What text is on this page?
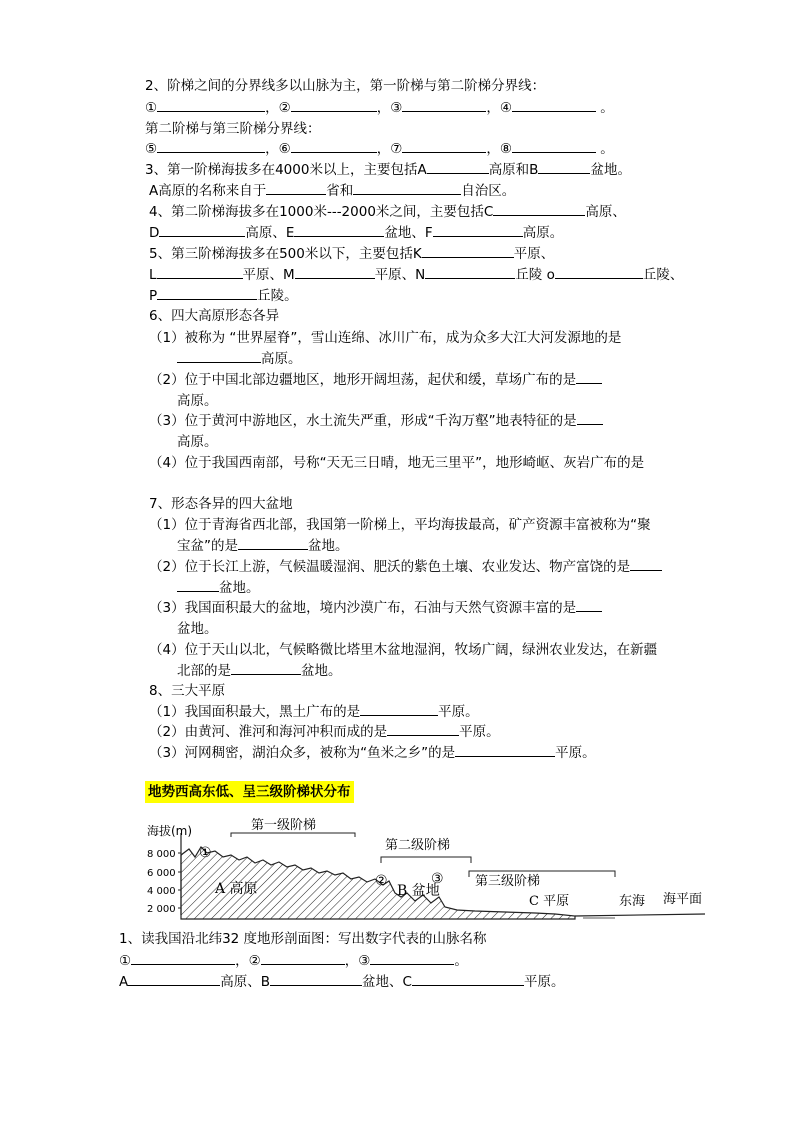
2、阶梯之间的分界线多以山脉为主，第一阶梯与第二阶梯分界线：
①	，②	，③	，④	。
第二阶梯与第三阶梯分界线：
⑤	，⑥	，⑦	，⑧	。
3、第一阶梯海拔多在4000米以上，主要包括A	高原和B	盆地。
A高原的名称来自于	省和	自治区。
4、第二阶梯海拔多在1000米---2000米之间，主要包括C	高原、
D	高原、E	盆地、F	高原。
5、第三阶梯海拔多在500米以下，主要包括K	平原、
L	平原、M	平原、N	丘陵 o	丘陵、
P	丘陵。
6、四大高原形态各异
（1）被称为 “世界屋脊”，雪山连绵、冰川广布，成为众多大江大河发源地的是
高原。
（2）位于中国北部边疆地区，地形开阔坦荡，起伏和缓，草场广布的是
高原。
（3）位于黄河中游地区，水土流失严重，形成“千沟万壑”地表特征的是
高原。
（4）位于我国西南部，号称“天无三日晴，地无三里平”，地形崎岖、灰岩广布的是
7、形态各异的四大盆地
（1）位于青海省西北部，我国第一阶梯上，平均海拔最高，矿产资源丰富被称为“聚
宝盆”的是	盆地。
（2）位于长江上游，气候温暖湿润、肥沃的紫色土壤、农业发达、物产富饶的是
盆地。
（3）我国面积最大的盆地，境内沙漠广布，石油与天然气资源丰富的是
盆地。
（4）位于天山以北，气候略微比塔里木盆地湿润，牧场广阔，绿洲农业发达，在新疆
北部的是	盆地。
8、三大平原
（1）我国面积最大，黑土广布的是	平原。
（2）由黄河、淮河和海河冲积而成的是	平原。
（3）河网稠密，湖泊众多，被称为“鱼米之乡”的是	平原。
地势西高东低、呈三级阶梯状分布
海拔(m)
8 000
6 000
4 000
2 000
第一级阶梯
第二级阶梯
第三级阶梯
①
②	③
A 高原	B 盆地
C 平原	东海 海平面
1、读我国沿北纬32 度地形剖面图：写出数字代表的山脉名称
①	，②	，③	。
A	高原、B	盆地、C	平原。
